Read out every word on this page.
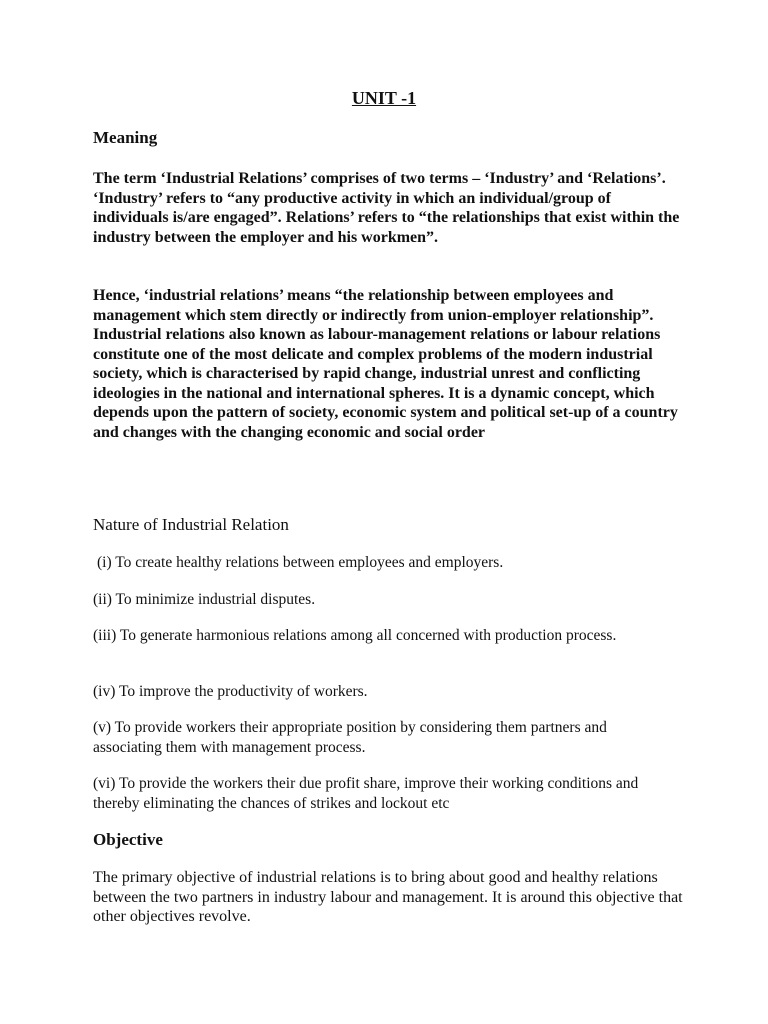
UNIT -1
Meaning

The term ‘Industrial Relations’ comprises of two terms – ‘Industry’ and ‘Relations’. ‘Industry’ refers to “any productive activity in which an individual/group of individuals is/are engaged”. Relations’ refers to “the relationships that exist within the industry between the employer and his workmen”.

Hence, ‘industrial relations’ means “the relationship between employees and management which stem directly or indirectly from union-employer relationship”. Industrial relations also known as labour-management relations or labour relations constitute one of the most delicate and complex problems of the modern industrial society, which is characterised by rapid change, industrial unrest and conflicting ideologies in the national and international spheres. It is a dynamic concept, which depends upon the pattern of society, economic system and political set-up of a country and changes with the changing economic and social order

Nature of Industrial Relation

(i) To create healthy relations between employees and employers.

(ii) To minimize industrial disputes.

(iii) To generate harmonious relations among all concerned with production process.

(iv) To improve the productivity of workers.

(v) To provide workers their appropriate position by considering them partners and associating them with management process.

(vi) To provide the workers their due profit share, improve their working conditions and thereby eliminating the chances of strikes and lockout etc

Objective

The primary objective of industrial relations is to bring about good and healthy relations between the two partners in industry labour and management. It is around this objective that other objectives revolve.
